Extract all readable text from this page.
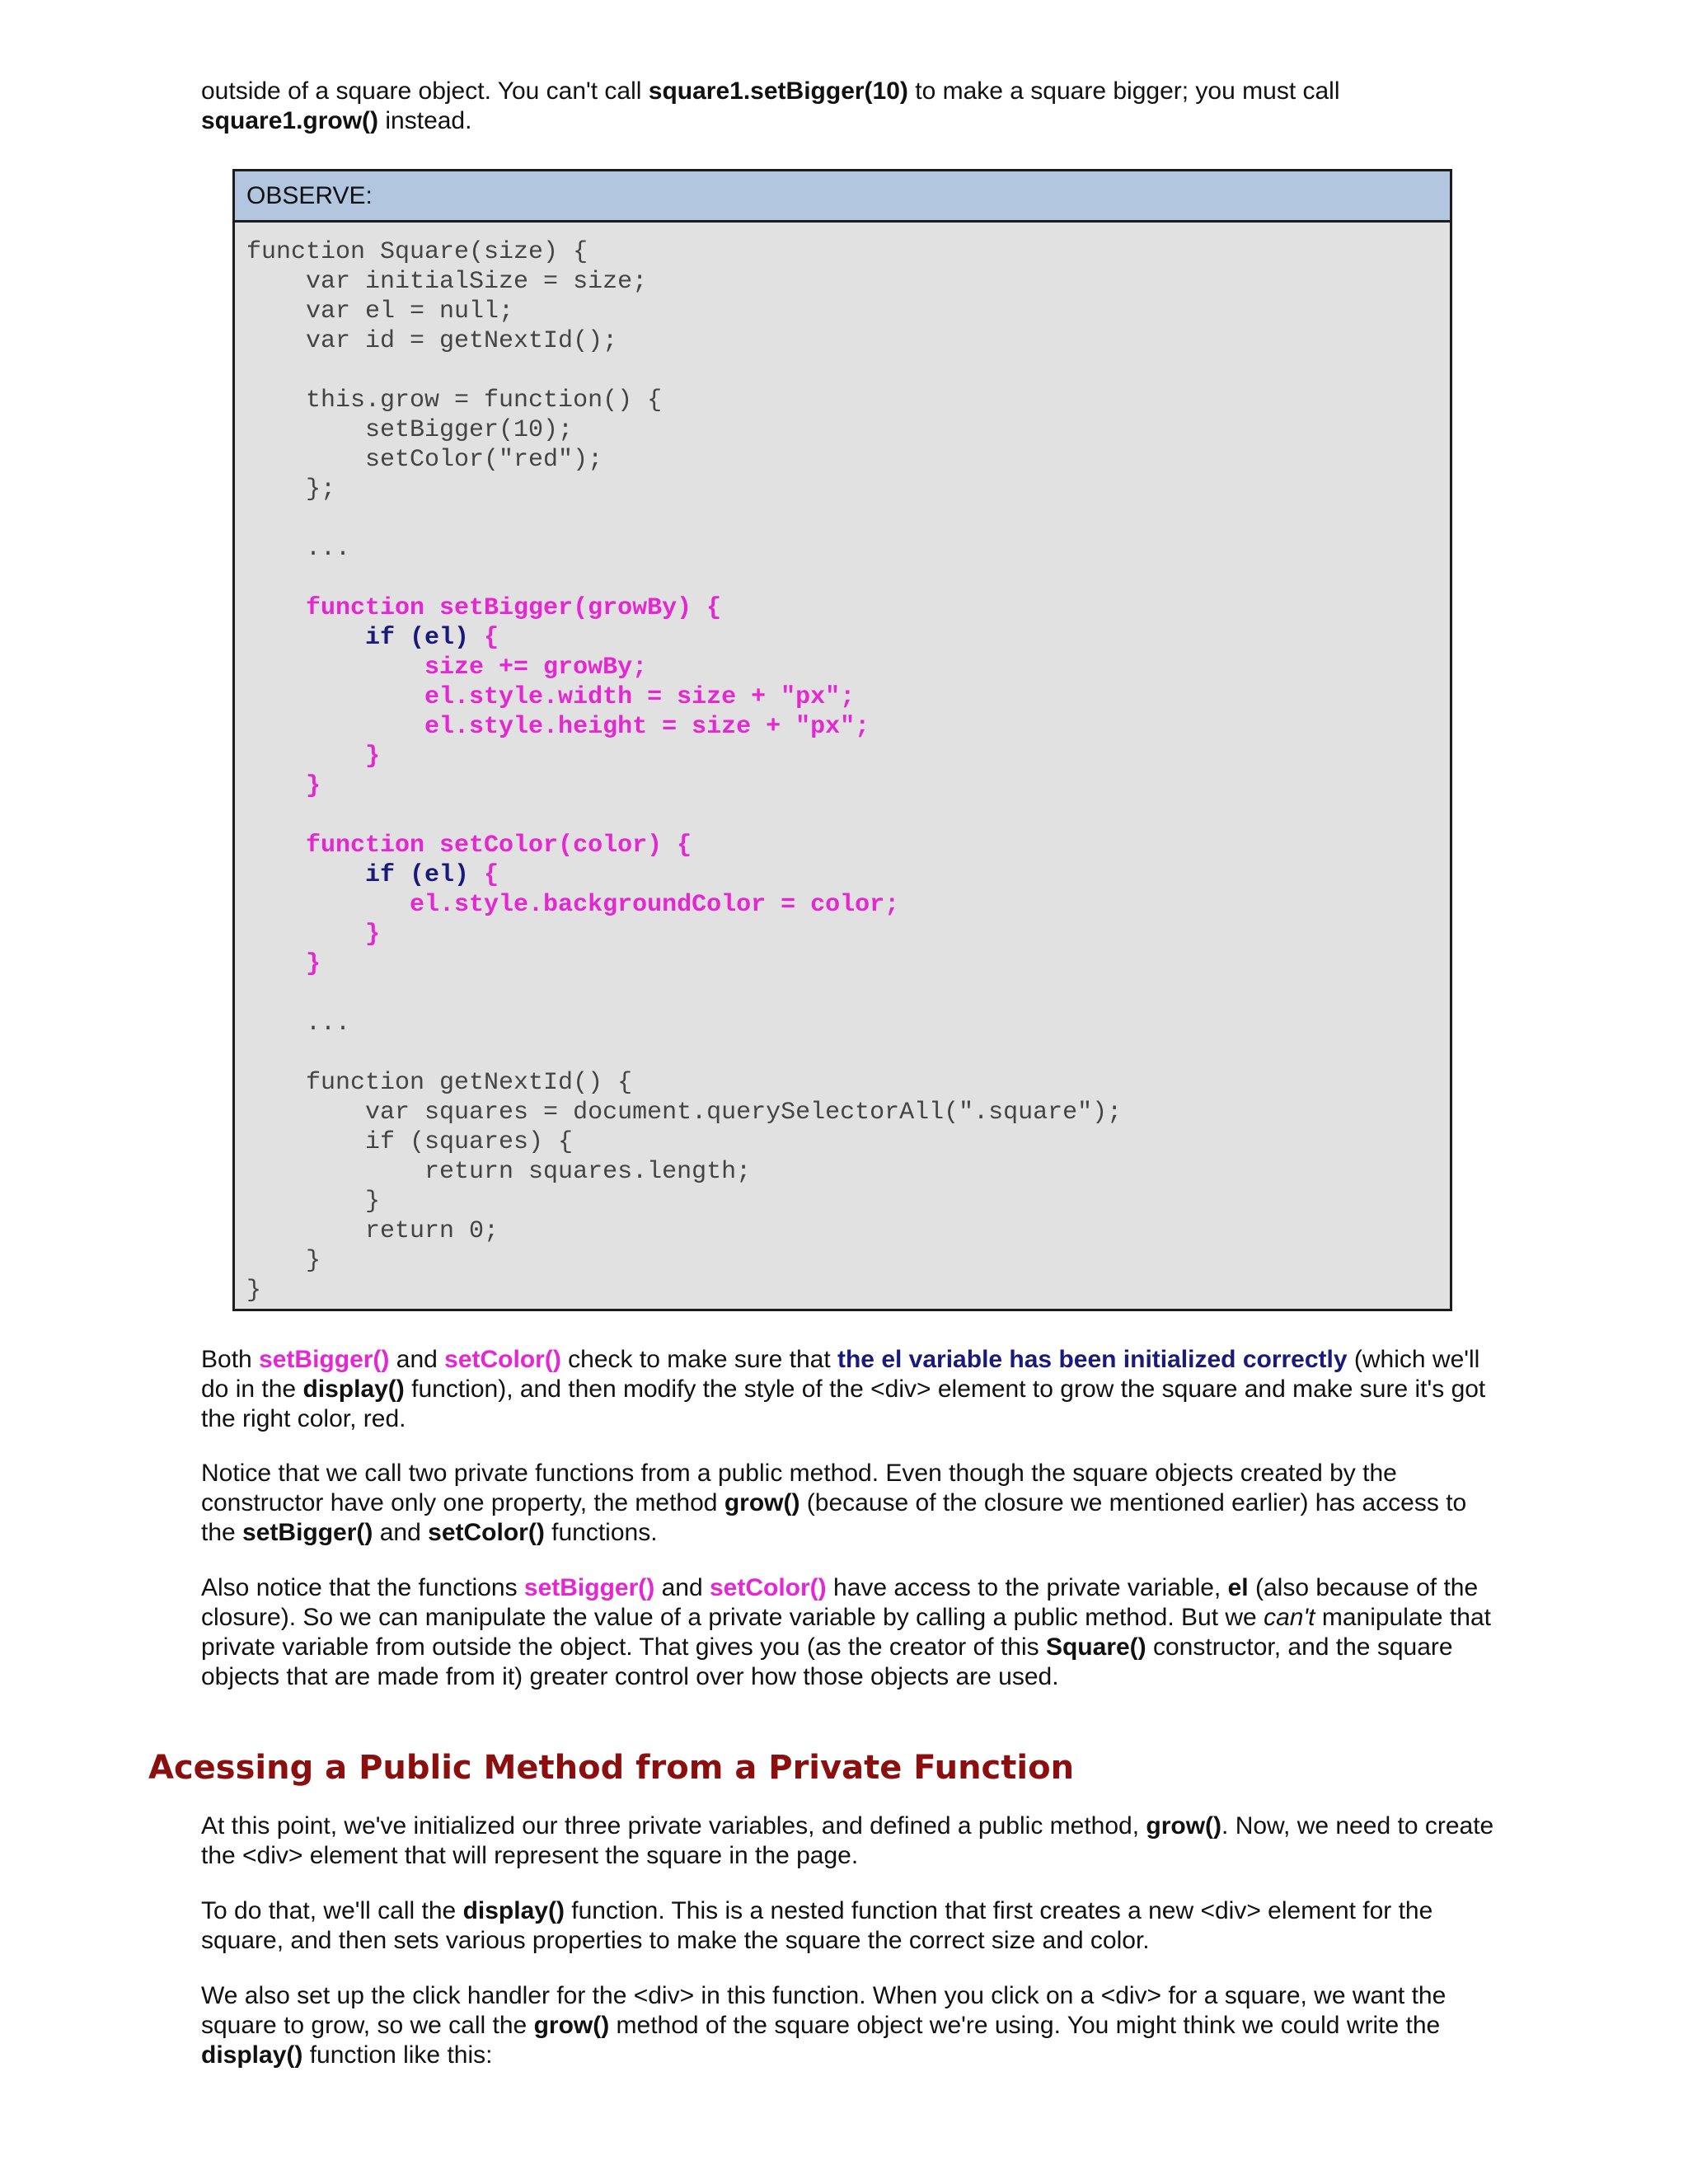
outside of a square object. You can't call square1.setBigger(10) to make a square bigger; you must call square1.grow() instead.

OBSERVE:
function Square(size) {
var initialSize = size;
var el = null;
var id = getNextId();

this.grow = function() {
setBigger(10);
setColor("red");
};

...

function setBigger(growBy) {
if (el) {
size += growBy;
el.style.width = size + "px";
el.style.height = size + "px";
}
}

function setColor(color) {
if (el) {
el.style.backgroundColor = color;
}
}

...

function getNextId() {
var squares = document.querySelectorAll(".square");
if (squares) {
return squares.length;
}
return 0;
}
}

Both setBigger() and setColor() check to make sure that the el variable has been initialized correctly (which we'll do in the display() function), and then modify the style of the <div> element to grow the square and make sure it's got the right color, red.

Notice that we call two private functions from a public method. Even though the square objects created by the constructor have only one property, the method grow() (because of the closure we mentioned earlier) has access to the setBigger() and setColor() functions.

Also notice that the functions setBigger() and setColor() have access to the private variable, el (also because of the closure). So we can manipulate the value of a private variable by calling a public method. But we can't manipulate that private variable from outside the object. That gives you (as the creator of this Square() constructor, and the square objects that are made from it) greater control over how those objects are used.

Acessing a Public Method from a Private Function

At this point, we've initialized our three private variables, and defined a public method, grow(). Now, we need to create the <div> element that will represent the square in the page.

To do that, we'll call the display() function. This is a nested function that first creates a new <div> element for the square, and then sets various properties to make the square the correct size and color.

We also set up the click handler for the <div> in this function. When you click on a <div> for a square, we want the square to grow, so we call the grow() method of the square object we're using. You might think we could write the display() function like this:
